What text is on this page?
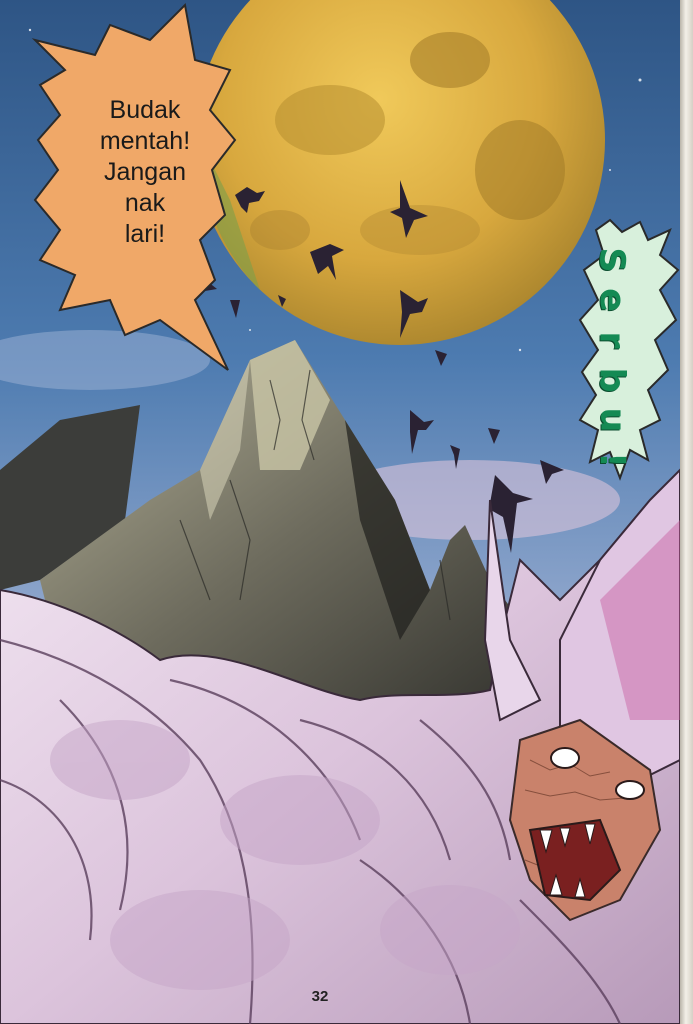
Budak
mentah!
Jangan
nak
lari!
S
e
r
b
u
!
32
